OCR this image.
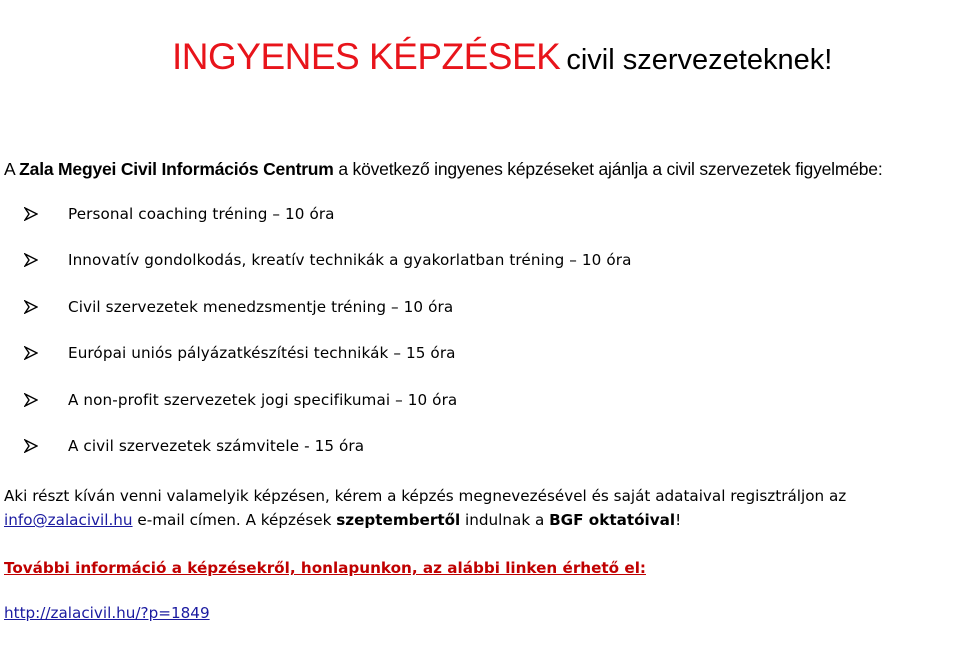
INGYENES KÉPZÉSEK civil szervezeteknek!
A Zala Megyei Civil Információs Centrum a következő ingyenes képzéseket ajánlja a civil szervezetek figyelmébe:
Personal coaching tréning – 10 óra
Innovatív gondolkodás, kreatív technikák a gyakorlatban tréning – 10 óra
Civil szervezetek menedzsmentje tréning – 10 óra
Európai uniós pályázatkészítési technikák – 15 óra
A non-profit szervezetek jogi specifikumai – 10 óra
A civil szervezetek számvitele - 15 óra
Aki részt kíván venni valamelyik képzésen, kérem a képzés megnevezésével és saját adataival regisztráljon az
info@zalacivil.hu e-mail címen. A képzések szeptembertől indulnak a BGF oktatóival!
További információ a képzésekről, honlapunkon, az alábbi linken érhető el:
http://zalacivil.hu/?p=1849
